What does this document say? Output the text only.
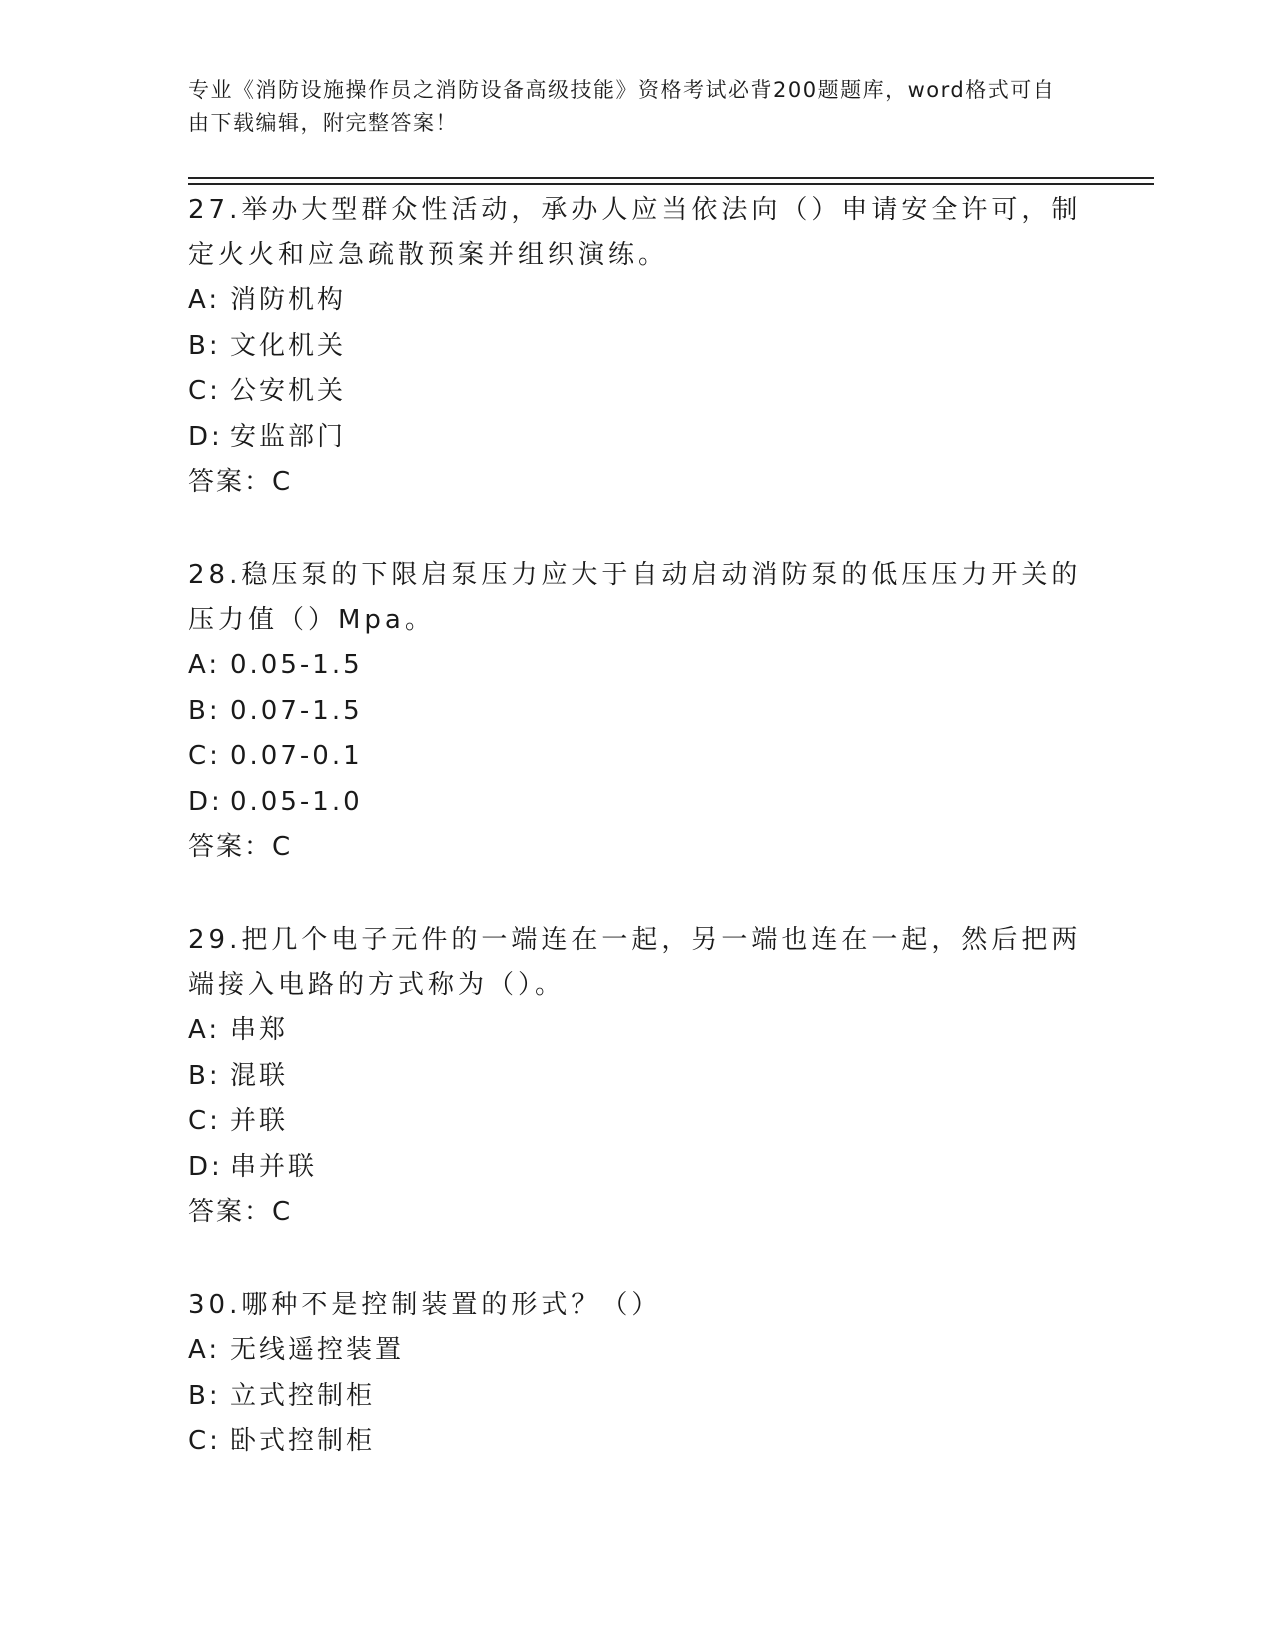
专业《消防设施操作员之消防设备高级技能》资格考试必背200题题库，word格式可自由下载编辑，附完整答案！
27.举办大型群众性活动，承办人应当依法向（）申请安全许可，制定火火和应急疏散预案并组织演练。
A: 消防机构
B: 文化机关
C: 公安机关
D: 安监部门
答案：C
28.稳压泵的下限启泵压力应大于自动启动消防泵的低压压力开关的压力值（）Mpa。
A: 0.05-1.5
B: 0.07-1.5
C: 0.07-0.1
D: 0.05-1.0
答案：C
29.把几个电子元件的一端连在一起，另一端也连在一起，然后把两端接入电路的方式称为（）。
A: 串郑
B: 混联
C: 并联
D: 串并联
答案：C
30.哪种不是控制装置的形式？（）
A: 无线遥控装置
B: 立式控制柜
C: 卧式控制柜
